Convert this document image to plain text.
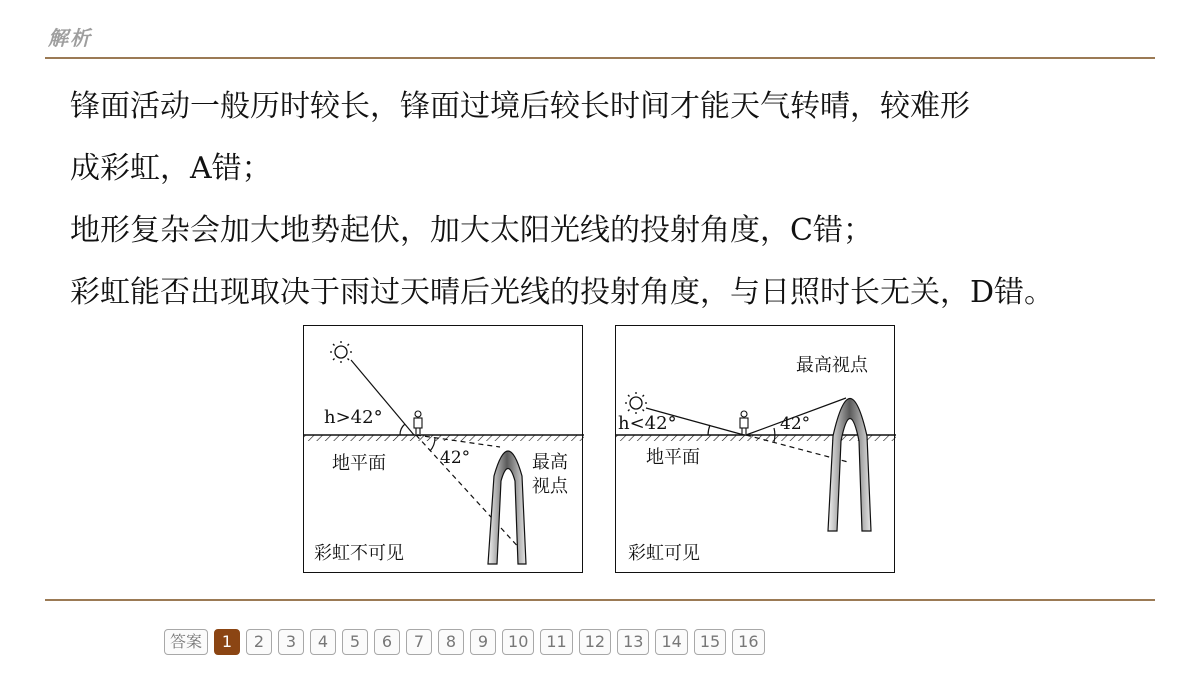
解析
锋面活动一般历时较长，锋面过境后较长时间才能天气转晴，较难形
成彩虹，A错；
地形复杂会加大地势起伏，加大太阳光线的投射角度，C错；
彩虹能否出现取决于雨过天晴后光线的投射角度，与日照时长无关，D错。
h>42°
42°
地平面	最高
视点
彩虹不可见
h<42°	42°
地平面
最高视点
彩虹可见
答案	1	2	3	4	5	6	7	8	9	10	11	12	13	14	15	16
